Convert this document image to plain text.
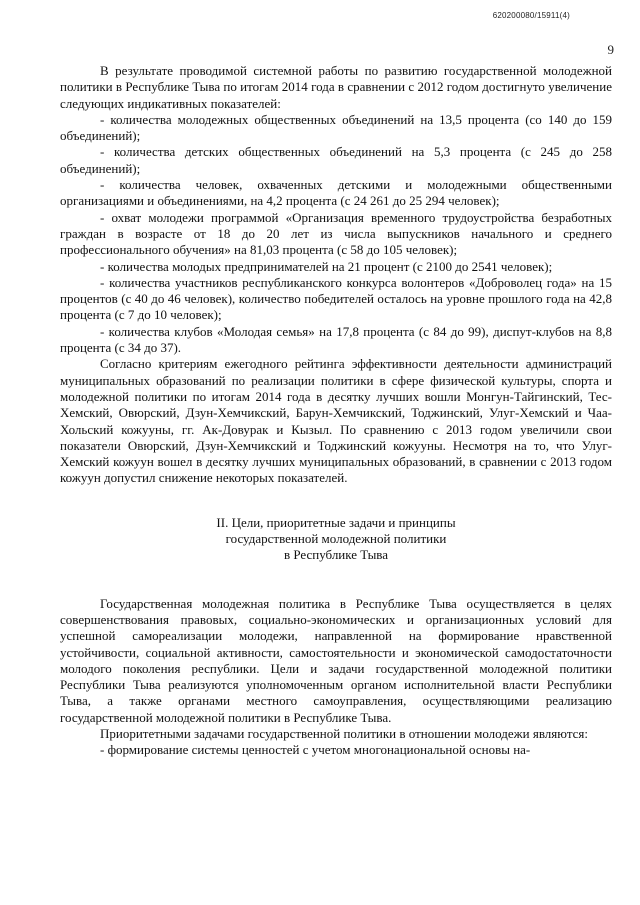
620200080/15911(4)
9

В результате проводимой системной работы по развитию государственной молодежной политики в Республике Тыва по итогам 2014 года в сравнении с 2012 годом достигнуто увеличение следующих индикативных показателей:

- количества молодежных общественных объединений на 13,5 процента (со 140 до 159 объединений);

- количества детских общественных объединений на 5,3 процента (с 245 до 258 объединений);

- количества человек, охваченных детскими и молодежными общественными организациями и объединениями, на 4,2 процента (с 24 261 до 25 294 человек);

- охват молодежи программой «Организация временного трудоустройства безработных граждан в возрасте от 18 до 20 лет из числа выпускников начального и среднего профессионального обучения» на 81,03 процента (с 58 до 105 человек);

- количества молодых предпринимателей на 21 процент (с 2100 до 2541 человек);

- количества участников республиканского конкурса волонтеров «Доброволец года» на 15 процентов (с 40 до 46 человек), количество победителей осталось на уровне прошлого года на 42,8 процента (с 7 до 10 человек);

- количества клубов «Молодая семья» на 17,8 процента (с 84 до 99), диспут-клубов на 8,8 процента (с 34 до 37).

Согласно критериям ежегодного рейтинга эффективности деятельности администраций муниципальных образований по реализации политики в сфере физической культуры, спорта и молодежной политики по итогам 2014 года в десятку лучших вошли Монгун-Тайгинский, Тес-Хемский, Овюрский, Дзун-Хемчикский, Барун-Хемчикский, Тоджинский, Улуг-Хемский и Чаа-Хольский кожууны, гг. Ак-Довурак и Кызыл. По сравнению с 2013 годом увеличили свои показатели Овюрский, Дзун-Хемчикский и Тоджинский кожууны. Несмотря на то, что Улуг-Хемский кожуун вошел в десятку лучших муниципальных образований, в сравнении с 2013 годом кожуун допустил снижение некоторых показателей.

II. Цели, приоритетные задачи и принципы
государственной молодежной политики
в Республике Тыва

Государственная молодежная политика в Республике Тыва осуществляется в целях совершенствования правовых, социально-экономических и организационных условий для успешной самореализации молодежи, направленной на формирование нравственной устойчивости, социальной активности, самостоятельности и экономической самодостаточности молодого поколения республики. Цели и задачи государственной молодежной политики Республики Тыва реализуются уполномоченным органом исполнительной власти Республики Тыва, а также органами местного самоуправления, осуществляющими реализацию государственной молодежной политики в Республике Тыва.

Приоритетными задачами государственной политики в отношении молодежи являются:

- формирование системы ценностей с учетом многонациональной основы на-
